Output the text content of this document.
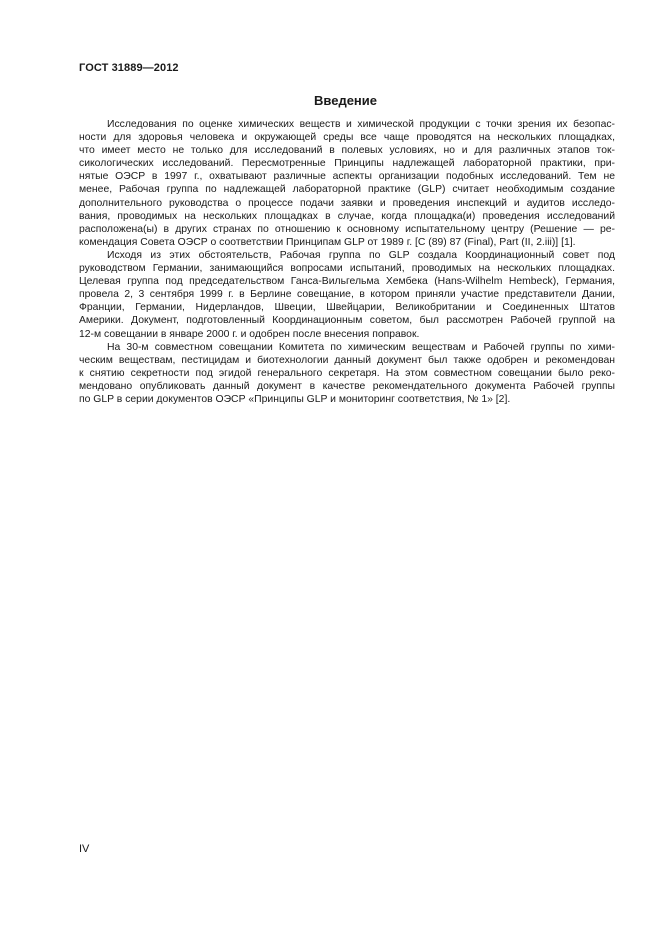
ГОСТ 31889—2012
Введение
Исследования по оценке химических веществ и химической продукции с точки зрения их безопас-
ности для здоровья человека и окружающей среды все чаще проводятся на нескольких площадках,
что имеет место не только для исследований в полевых условиях, но и для различных этапов ток-
сикологических исследований. Пересмотренные Принципы надлежащей лабораторной практики, при-
нятые ОЭСР в 1997 г., охватывают различные аспекты организации подобных исследований. Тем не
менее, Рабочая группа по надлежащей лабораторной практике (GLP) считает необходимым создание
дополнительного руководства о процессе подачи заявки и проведения инспекций и аудитов исследо-
вания, проводимых на нескольких площадках в случае, когда площадка(и) проведения исследований
расположена(ы) в других странах по отношению к основному испытательному центру (Решение — ре-
комендация Совета ОЭСР о соответствии Принципам GLP от 1989 г. [C (89) 87 (Final), Part (II, 2.iii)] [1].
Исходя из этих обстоятельств, Рабочая группа по GLP создала Координационный совет под
руководством Германии, занимающийся вопросами испытаний, проводимых на нескольких площадках.
Целевая группа под председательством Ганса-Вильгельма Хембека (Hans-Wilhelm Hembeck), Германия,
провела 2, 3 сентября 1999 г. в Берлине совещание, в котором приняли участие представители Дании,
Франции, Германии, Нидерландов, Швеции, Швейцарии, Великобритании и Соединенных Штатов
Америки. Документ, подготовленный Координационным советом, был рассмотрен Рабочей группой на
12-м совещании в январе 2000 г. и одобрен после внесения поправок.
На 30-м совместном совещании Комитета по химическим веществам и Рабочей группы по хими-
ческим веществам, пестицидам и биотехнологии данный документ был также одобрен и рекомендован
к снятию секретности под эгидой генерального секретаря. На этом совместном совещании было реко-
мендовано опубликовать данный документ в качестве рекомендательного документа Рабочей группы
по GLP в серии документов ОЭСР «Принципы GLP и мониторинг соответствия, № 1» [2].
IV
